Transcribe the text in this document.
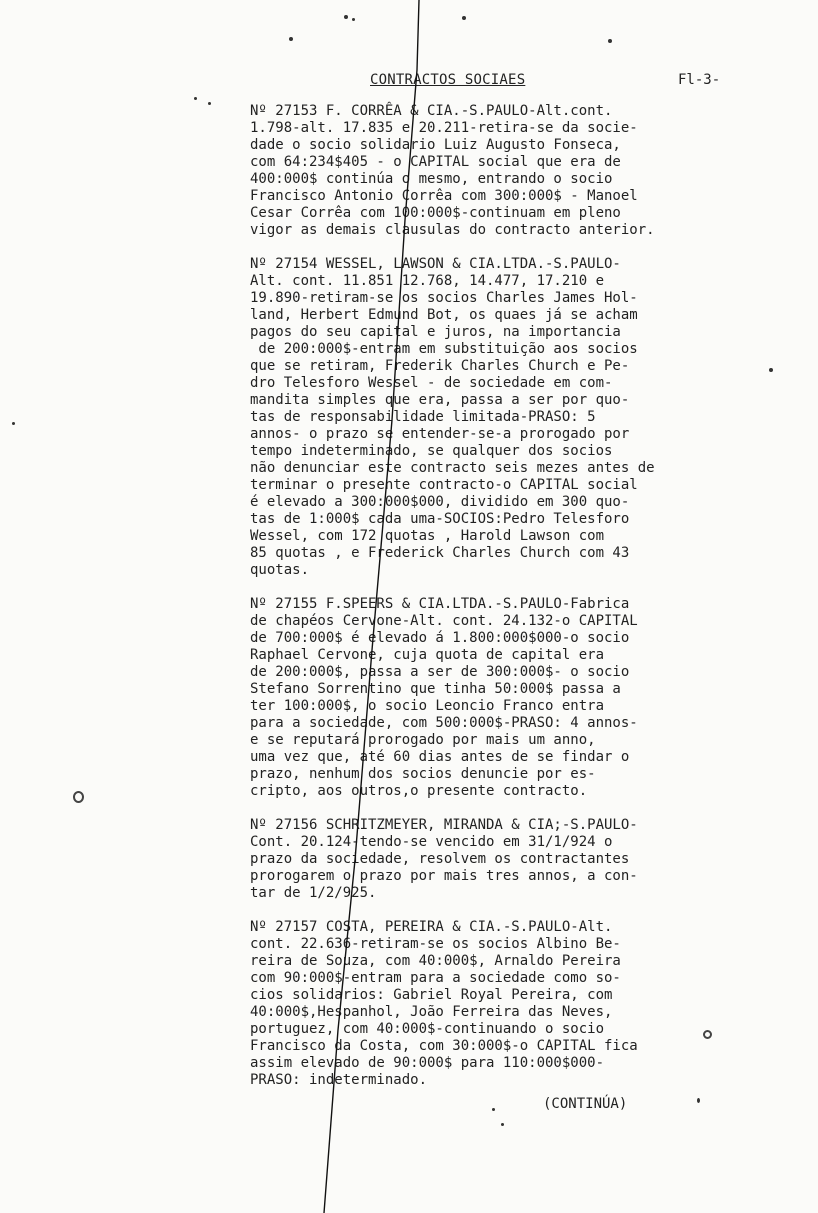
CONTRACTOS SOCIAES	Fl-3-
Nº 27153 F. CORRÊA & CIA.-S.PAULO-Alt.cont.
1.798-alt. 17.835 e 20.211-retira-se da socie-
dade o socio solidario Luiz Augusto Fonseca,
com 64:234$405 - o CAPITAL social que era de
400:000$ continúa o mesmo, entrando o socio
Francisco Antonio Corrêa com 300:000$ - Manoel
Cesar Corrêa com 100:000$-continuam em pleno
vigor as demais clausulas do contracto anterior.
Nº 27154 WESSEL, LAWSON & CIA.LTDA.-S.PAULO-
Alt. cont. 11.851 12.768, 14.477, 17.210 e
19.890-retiram-se os socios Charles James Hol-
land, Herbert Edmund Bot, os quaes já se acham
pagos do seu capital e juros, na importancia
de 200:000$-entram em substituição aos socios
que se retiram, Frederik Charles Church e Pe-
dro Telesforo Wessel - de sociedade em com-
mandita simples que era, passa a ser por quo-
tas de responsabilidade limitada-PRASO: 5
annos- o prazo se entender-se-a prorogado por
tempo indeterminado, se qualquer dos socios
não denunciar este contracto seis mezes antes de
terminar o presente contracto-o CAPITAL social
é elevado a 300:000$000, dividido em 300 quo-
tas de 1:000$ cada uma-SOCIOS:Pedro Telesforo
Wessel, com 172 quotas , Harold Lawson com
85 quotas , e Frederick Charles Church com 43
quotas.
Nº 27155 F.SPEERS & CIA.LTDA.-S.PAULO-Fabrica
de chapéos Cervone-Alt. cont. 24.132-o CAPITAL
de 700:000$ é elevado á 1.800:000$000-o socio
Raphael Cervone, cuja quota de capital era
de 200:000$, passa a ser de 300:000$- o socio
Stefano Sorrentino que tinha 50:000$ passa a
ter 100:000$, o socio Leoncio Franco entra
para a sociedade, com 500:000$-PRASO: 4 annos-
e se reputará prorogado por mais um anno,
uma vez que, até 60 dias antes de se findar o
prazo, nenhum dos socios denuncie por es-
cripto, aos outros,o presente contracto.
Nº 27156 SCHRITZMEYER, MIRANDA & CIA;-S.PAULO-
Cont. 20.124-tendo-se vencido em 31/1/924 o
prazo da sociedade, resolvem os contractantes
prorogarem o prazo por mais tres annos, a con-
tar de 1/2/925.
Nº 27157 COSTA, PEREIRA & CIA.-S.PAULO-Alt.
cont. 22.636-retiram-se os socios Albino Be-
reira de Souza, com 40:000$, Arnaldo Pereira
com 90:000$-entram para a sociedade como so-
cios solidarios: Gabriel Royal Pereira, com
40:000$,Hespanhol, João Ferreira das Neves,
portuguez, com 40:000$-continuando o socio
Francisco da Costa, com 30:000$-o CAPITAL fica
assim elevado de 90:000$ para 110:000$000-
PRASO: indeterminado.
(CONTINÚA)
